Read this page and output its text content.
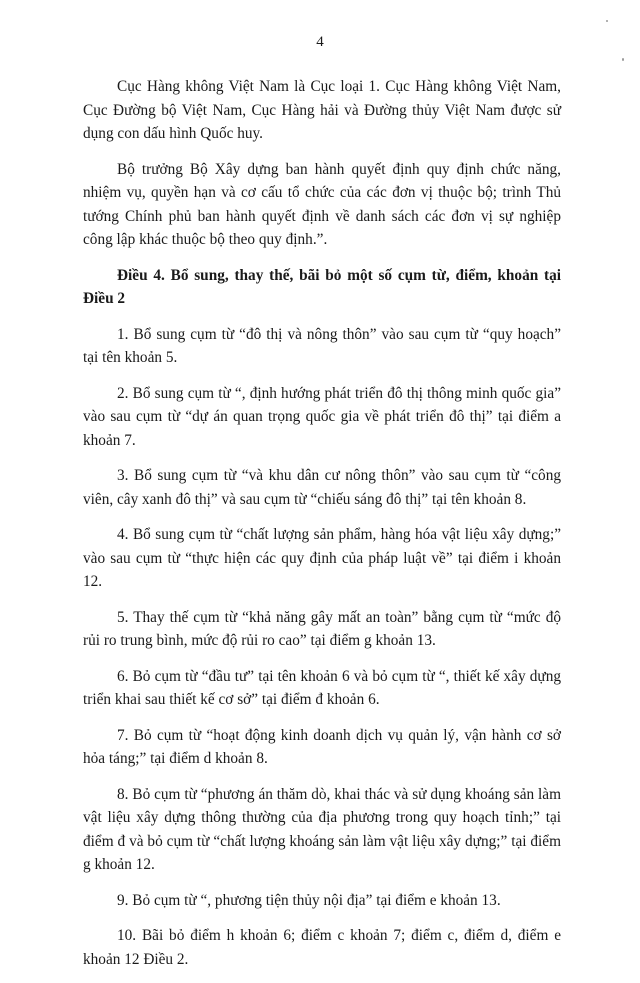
4

Cục Hàng không Việt Nam là Cục loại 1. Cục Hàng không Việt Nam, Cục Đường bộ Việt Nam, Cục Hàng hải và Đường thủy Việt Nam được sử dụng con dấu hình Quốc huy.

Bộ trưởng Bộ Xây dựng ban hành quyết định quy định chức năng, nhiệm vụ, quyền hạn và cơ cấu tổ chức của các đơn vị thuộc bộ; trình Thủ tướng Chính phủ ban hành quyết định về danh sách các đơn vị sự nghiệp công lập khác thuộc bộ theo quy định.”.

Điều 4. Bổ sung, thay thế, bãi bỏ một số cụm từ, điểm, khoản tại Điều 2

1. Bổ sung cụm từ “đô thị và nông thôn” vào sau cụm từ “quy hoạch” tại tên khoản 5.

2. Bổ sung cụm từ “, định hướng phát triển đô thị thông minh quốc gia” vào sau cụm từ “dự án quan trọng quốc gia về phát triển đô thị” tại điểm a khoản 7.

3. Bổ sung cụm từ “và khu dân cư nông thôn” vào sau cụm từ “công viên, cây xanh đô thị” và sau cụm từ “chiếu sáng đô thị” tại tên khoản 8.

4. Bổ sung cụm từ “chất lượng sản phẩm, hàng hóa vật liệu xây dựng;” vào sau cụm từ “thực hiện các quy định của pháp luật về” tại điểm i khoản 12.

5. Thay thế cụm từ “khả năng gây mất an toàn” bằng cụm từ “mức độ rủi ro trung bình, mức độ rủi ro cao” tại điểm g khoản 13.

6. Bỏ cụm từ “đầu tư” tại tên khoản 6 và bỏ cụm từ “, thiết kế xây dựng triển khai sau thiết kế cơ sở” tại điểm đ khoản 6.

7. Bỏ cụm từ “hoạt động kinh doanh dịch vụ quản lý, vận hành cơ sở hỏa táng;” tại điểm d khoản 8.

8. Bỏ cụm từ “phương án thăm dò, khai thác và sử dụng khoáng sản làm vật liệu xây dựng thông thường của địa phương trong quy hoạch tỉnh;” tại điểm đ và bỏ cụm từ “chất lượng khoáng sản làm vật liệu xây dựng;” tại điểm g khoản 12.

9. Bỏ cụm từ “, phương tiện thủy nội địa” tại điểm e khoản 13.

10. Bãi bỏ điểm h khoản 6; điểm c khoản 7; điểm c, điểm d, điểm e khoản 12 Điều 2.
